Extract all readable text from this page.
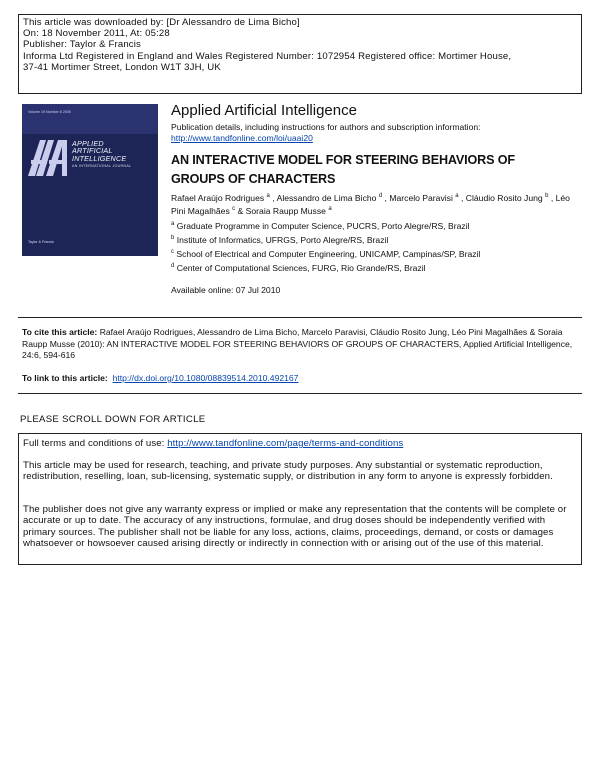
This article was downloaded by: [Dr Alessandro de Lima Bicho]
On: 18 November 2011, At: 05:28
Publisher: Taylor & Francis
Informa Ltd Registered in England and Wales Registered Number: 1072954 Registered office: Mortimer House,
37-41 Mortimer Street, London W1T 3JH, UK
Volume 19 Number 8 2005
APPLIED
ARTIFICIAL
INTELLIGENCE
AN INTERNATIONAL JOURNAL
Taylor & Francis
Applied Artificial Intelligence
Publication details, including instructions for authors and subscription information:
http://www.tandfonline.com/loi/uaai20
AN INTERACTIVE MODEL FOR STEERING BEHAVIORS OF
GROUPS OF CHARACTERS
Rafael Araújo Rodrigues $^a$ , Alessandro de Lima Bicho $^d$ , Marcelo Paravisi $^a$ , Cláudio Rosito Jung $^b$ , Léo Pini Magalhães $^c$ & Soraia Raupp Musse $^a$
$^a$ Graduate Programme in Computer Science, PUCRS, Porto Alegre/RS, Brazil
$^b$ Institute of Informatics, UFRGS, Porto Alegre/RS, Brazil
$^c$ School of Electrical and Computer Engineering, UNICAMP, Campinas/SP, Brazil
$^d$ Center of Computational Sciences, FURG, Rio Grande/RS, Brazil
Available online: 07 Jul 2010
To cite this article: Rafael Araújo Rodrigues, Alessandro de Lima Bicho, Marcelo Paravisi, Cláudio Rosito Jung, Léo Pini Magalhães & Soraia Raupp Musse (2010): AN INTERACTIVE MODEL FOR STEERING BEHAVIORS OF GROUPS OF CHARACTERS, Applied Artificial Intelligence, 24:6, 594-616
To link to this article: http://dx.doi.org/10.1080/08839514.2010.492167
PLEASE SCROLL DOWN FOR ARTICLE

Full terms and conditions of use: http://www.tandfonline.com/page/terms-and-conditions

This article may be used for research, teaching, and private study purposes. Any substantial or systematic reproduction, redistribution, reselling, loan, sub-licensing, systematic supply, or distribution in any form to anyone is expressly forbidden.

The publisher does not give any warranty express or implied or make any representation that the contents will be complete or accurate or up to date. The accuracy of any instructions, formulae, and drug doses should be independently verified with primary sources. The publisher shall not be liable for any loss, actions, claims, proceedings, demand, or costs or damages whatsoever or howsoever caused arising directly or indirectly in connection with or arising out of the use of this material.
